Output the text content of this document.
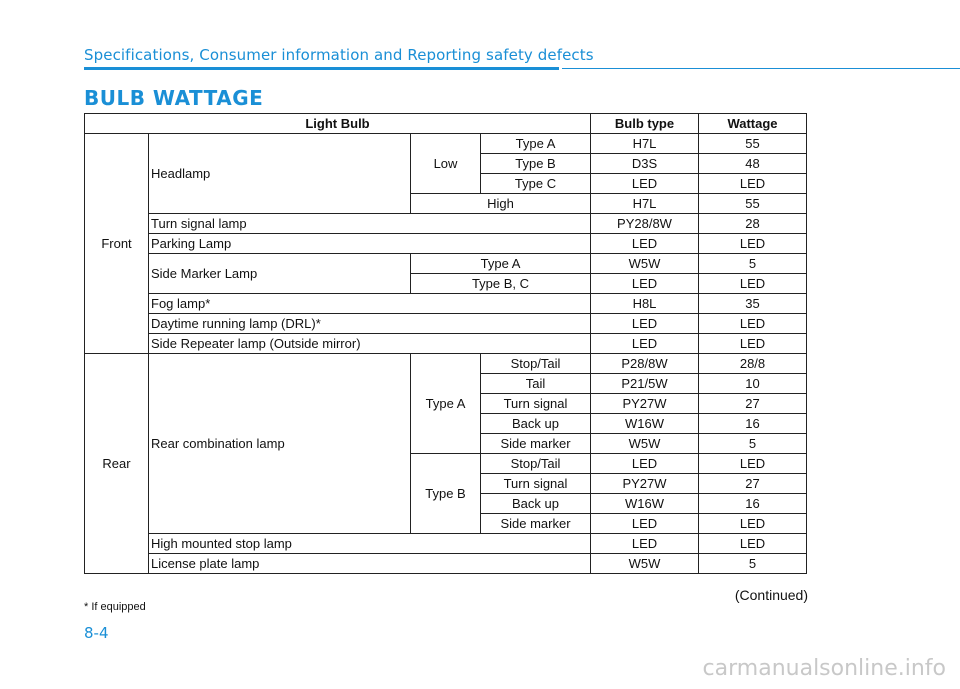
Specifications, Consumer information and Reporting safety defects
BULB WATTAGE
Light Bulb				Bulb type	Wattage
Front	Headlamp	Low	Type A	H7L	55
			Type B	D3S	48
			Type C	LED	LED
		High		H7L	55
	Turn signal lamp			PY28/8W	28
	Parking Lamp			LED	LED
	Side Marker Lamp	Type A		W5W	5
		Type B, C		LED	LED
	Fog lamp*			H8L	35
	Daytime running lamp (DRL)*			LED	LED
	Side Repeater lamp (Outside mirror)			LED	LED
Rear	Rear combination lamp	Type A	Stop/Tail	P28/8W	28/8
			Tail	P21/5W	10
			Turn signal	PY27W	27
			Back up	W16W	16
			Side marker	W5W	5
		Type B	Stop/Tail	LED	LED
			Turn signal	PY27W	27
			Back up	W16W	16
			Side marker	LED	LED
	High mounted stop lamp			LED	LED
	License plate lamp			W5W	5
(Continued)
* If equipped
8-4
carmanualsonline.info
